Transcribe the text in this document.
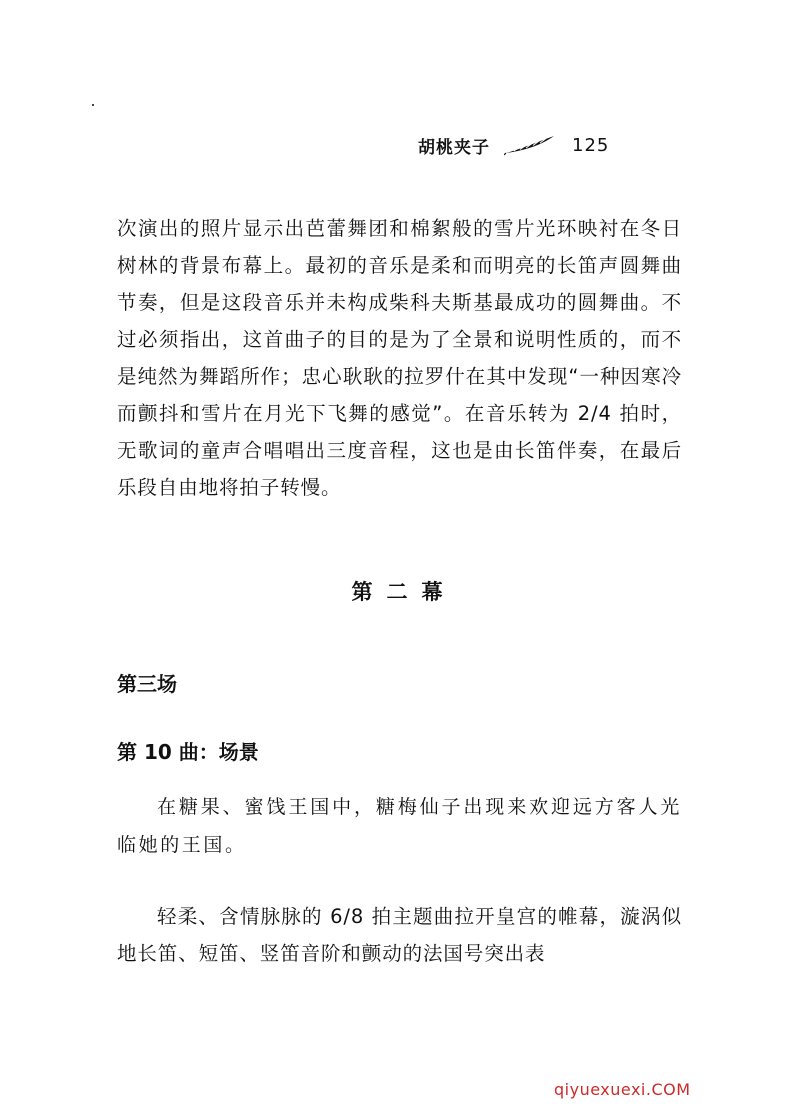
胡桃夹子	125

次演出的照片显示出芭蕾舞团和棉絮般的雪片光环映衬在冬日树林的背景布幕上。最初的音乐是柔和而明亮的长笛声圆舞曲节奏，但是这段音乐并未构成柴科夫斯基最成功的圆舞曲。不过必须指出，这首曲子的目的是为了全景和说明性质的，而不是纯然为舞蹈所作；忠心耿耿的拉罗什在其中发现“一种因寒冷而颤抖和雪片在月光下飞舞的感觉”。在音乐转为 2/4 拍时，无歌词的童声合唱唱出三度音程，这也是由长笛伴奏，在最后乐段自由地将拍子转慢。

第二幕
第三场
第 10 曲：场景

在糖果、蜜饯王国中，糖梅仙子出现来欢迎远方客人光临她的王国。

轻柔、含情脉脉的 6/8 拍主题曲拉开皇宫的帷幕，漩涡似地长笛、短笛、竖笛音阶和颤动的法国号突出表

qiyuexuexi.COM
